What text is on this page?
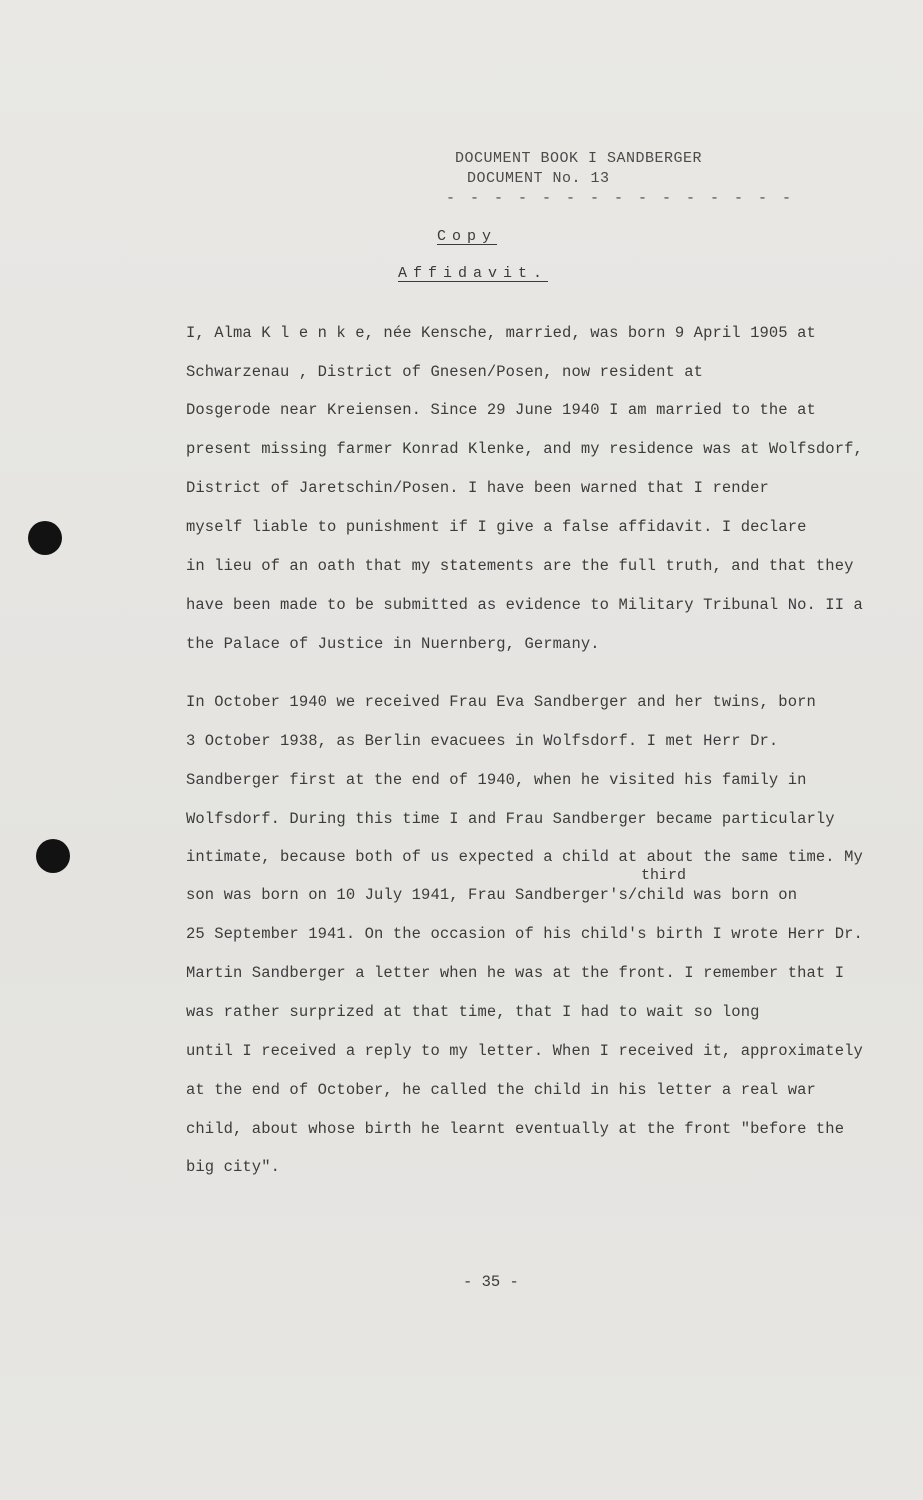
DOCUMENT BOOK I SANDBERGER
DOCUMENT No. 13
- - - - - - - - - - - - - - -
Copy
Affidavit.
I, Alma K l e n k e, née Kensche, married, was born 9 April 1905 at
Schwarzenau , District of Gnesen/Posen, now resident at
Dosgerode near Kreiensen. Since 29 June 1940 I am married to the at
present missing farmer Konrad Klenke, and my residence was at Wolfsdorf,
District of Jaretschin/Posen. I have been warned that I render
myself liable to punishment if I give a false affidavit. I declare
in lieu of an oath that my statements are the full truth, and that they
have been made to be submitted as evidence to Military Tribunal No. II a
the Palace of Justice in Nuernberg, Germany.
In October 1940 we received Frau Eva Sandberger and her twins, born
3 October 1938, as Berlin evacuees in Wolfsdorf. I met Herr Dr.
Sandberger first at the end of 1940, when he visited his family in
Wolfsdorf. During this time I and Frau Sandberger became particularly
intimate, because both of us expected a child at about the same time. My
third
son was born on 10 July 1941, Frau Sandberger's/child was born on
25 September 1941. On the occasion of his child's birth I wrote Herr Dr.
Martin Sandberger a letter when he was at the front. I remember that I
was rather surprized at that time, that I had to wait so long
until I received a reply to my letter. When I received it, approximately
at the end of October, he called the child in his letter a real war
child, about whose birth he learnt eventually at the front "before the
big city".
- 35 -
